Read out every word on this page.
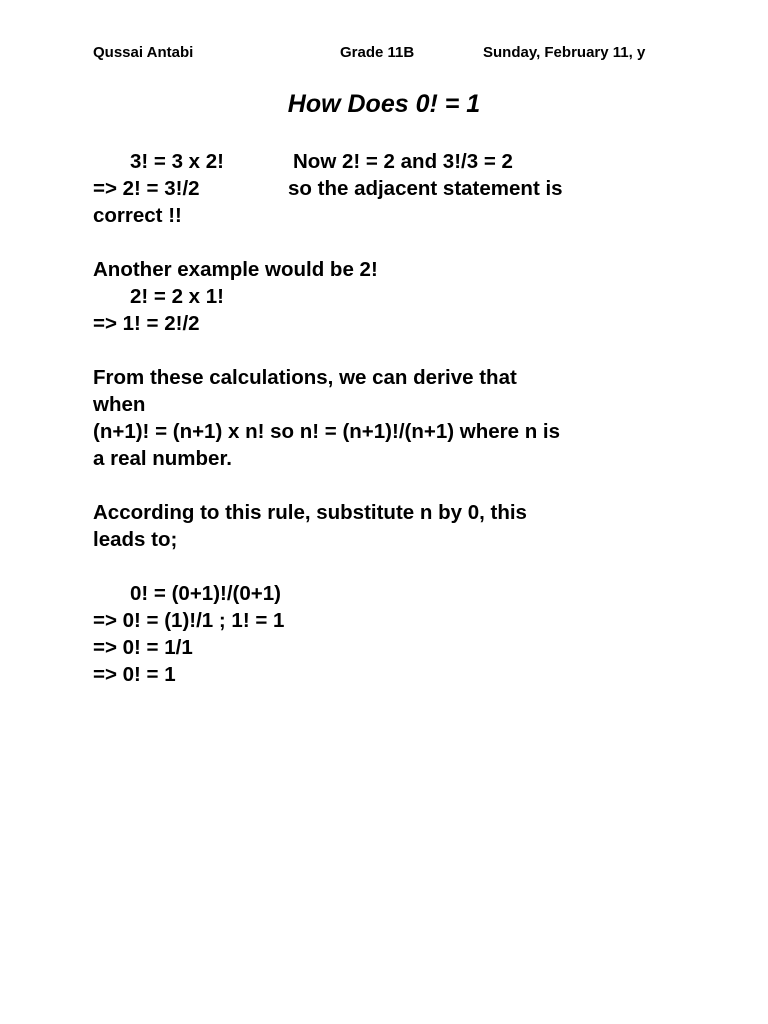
Qussai Antabi	Grade 11B	Sunday, February 11, y
How Does 0! = 1
3! = 3 x 2!	Now 2! = 2 and 3!/3 = 2
=> 2! = 3!/2	so the adjacent statement is
correct !!
Another example would be 2!
2! = 2 x 1!
=> 1! = 2!/2
From these calculations, we can derive that
when
(n+1)! = (n+1) x n! so n! = (n+1)!/(n+1) where n is
a real number.
According to this rule, substitute n by 0, this
leads to;
0! = (0+1)!/(0+1)
=> 0! = (1)!/1 ; 1! = 1
=> 0! = 1/1
=> 0! = 1
